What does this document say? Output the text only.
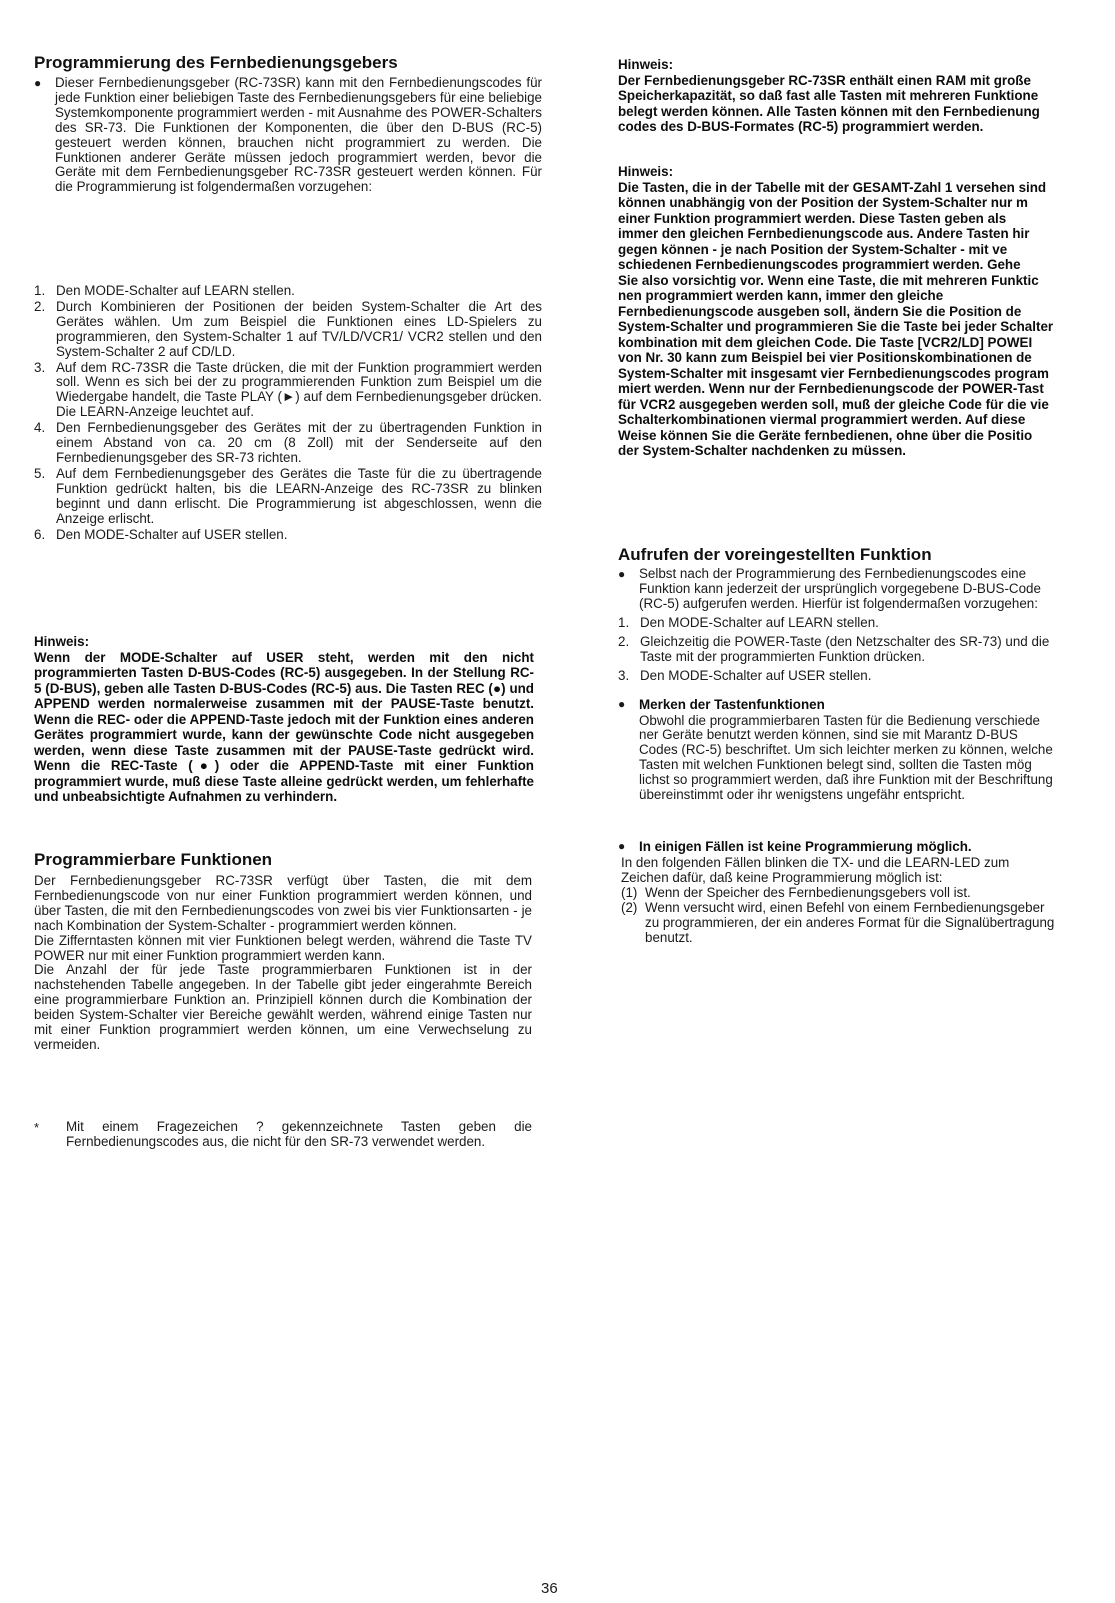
Programmierung des Fernbedienungsgebers

●	Dieser Fernbedienungsgeber (RC-73SR) kann mit den Fernbedienungscodes für jede Funktion einer beliebigen Taste des Fernbedienungsgebers für eine beliebige Systemkomponente programmiert werden - mit Ausnahme des POWER-Schalters des SR-73. Die Funktionen der Komponenten, die über den D-BUS (RC-5) gesteuert werden können, brauchen nicht programmiert zu werden. Die Funktionen anderer Geräte müssen jedoch programmiert werden, bevor die Geräte mit dem Fernbedienungsgeber RC-73SR gesteuert werden können. Für die Programmierung ist folgendermaßen vorzugehen:

1. Den MODE-Schalter auf LEARN stellen.

2. Durch Kombinieren der Positionen der beiden System-Schalter die Art des Gerätes wählen. Um zum Beispiel die Funktionen eines LD-Spielers zu programmieren, den System-Schalter 1 auf TV/LD/VCR1/ VCR2 stellen und den System-Schalter 2 auf CD/LD.

3. Auf dem RC-73SR die Taste drücken, die mit der Funktion programmiert werden soll. Wenn es sich bei der zu programmierenden Funktion zum Beispiel um die Wiedergabe handelt, die Taste PLAY (►) auf dem Fernbedienungsgeber drücken. Die LEARN-Anzeige leuchtet auf.

4. Den Fernbedienungsgeber des Gerätes mit der zu übertragenden Funktion in einem Abstand von ca. 20 cm (8 Zoll) mit der Senderseite auf den Fernbedienungsgeber des SR-73 richten.

5. Auf dem Fernbedienungsgeber des Gerätes die Taste für die zu übertragende Funktion gedrückt halten, bis die LEARN-Anzeige des RC-73SR zu blinken beginnt und dann erlischt. Die Programmierung ist abgeschlossen, wenn die Anzeige erlischt.

6. Den MODE-Schalter auf USER stellen.

Hinweis:

Wenn der MODE-Schalter auf USER steht, werden mit den nicht programmierten Tasten D-BUS-Codes (RC-5) ausgegeben. In der Stellung RC-5 (D-BUS), geben alle Tasten D-BUS-Codes (RC-5) aus. Die Tasten REC (●) und APPEND werden normalerweise zusammen mit der PAUSE-Taste benutzt. Wenn die REC- oder die APPEND-Taste jedoch mit der Funktion eines anderen Gerätes programmiert wurde, kann der gewünschte Code nicht ausgegeben werden, wenn diese Taste zusammen mit der PAUSE-Taste gedrückt wird. Wenn die REC-Taste (●) oder die APPEND-Taste mit einer Funktion programmiert wurde, muß diese Taste alleine gedrückt werden, um fehlerhafte und unbeabsichtigte Aufnahmen zu verhindern.

Programmierbare Funktionen

Der Fernbedienungsgeber RC-73SR verfügt über Tasten, die mit dem Fernbedienungscode von nur einer Funktion programmiert werden können, und über Tasten, die mit den Fernbedienungscodes von zwei bis vier Funktionsarten - je nach Kombination der System-Schalter - programmiert werden können.

Die Zifferntasten können mit vier Funktionen belegt werden, während die Taste TV POWER nur mit einer Funktion programmiert werden kann.

Die Anzahl der für jede Taste programmierbaren Funktionen ist in der nachstehenden Tabelle angegeben. In der Tabelle gibt jeder eingerahmte Bereich eine programmierbare Funktion an. Prinzipiell können durch die Kombination der beiden System-Schalter vier Bereiche gewählt werden, während einige Tasten nur mit einer Funktion programmiert werden können, um eine Verwechselung zu vermeiden.

*	Mit einem Fragezeichen ? gekennzeichnete Tasten geben die Fernbedienungscodes aus, die nicht für den SR-73 verwendet werden.

Hinweis:

Der Fernbedienungsgeber RC-73SR enthält einen RAM mit große

Speicherkapazität, so daß fast alle Tasten mit mehreren Funktione

belegt werden können. Alle Tasten können mit den Fernbedienung

codes des D-BUS-Formates (RC-5) programmiert werden.

Hinweis:

Die Tasten, die in der Tabelle mit der GESAMT-Zahl 1 versehen sind

können unabhängig von der Position der System-Schalter nur m

einer Funktion programmiert werden. Diese Tasten geben als

immer den gleichen Fernbedienungscode aus. Andere Tasten hir

gegen können - je nach Position der System-Schalter - mit ve

schiedenen Fernbedienungscodes programmiert werden. Gehe

Sie also vorsichtig vor. Wenn eine Taste, die mit mehreren Funktic

nen programmiert werden kann, immer den gleiche

Fernbedienungscode ausgeben soll, ändern Sie die Position de

System-Schalter und programmieren Sie die Taste bei jeder Schalter

kombination mit dem gleichen Code. Die Taste [VCR2/LD] POWEI

von Nr. 30 kann zum Beispiel bei vier Positionskombinationen de

System-Schalter mit insgesamt vier Fernbedienungscodes program

miert werden. Wenn nur der Fernbedienungscode der POWER-Tast

für VCR2 ausgegeben werden soll, muß der gleiche Code für die vie

Schalterkombinationen viermal programmiert werden. Auf diese

Weise können Sie die Geräte fernbedienen, ohne über die Positio

der System-Schalter nachdenken zu müssen.

Aufrufen der voreingestellten Funktion

●	Selbst nach der Programmierung des Fernbedienungscodes eine

Funktion kann jederzeit der ursprünglich vorgegebene D-BUS-Code

(RC-5) aufgerufen werden. Hierfür ist folgendermaßen vorzugehen:

1. Den MODE-Schalter auf LEARN stellen.

2. Gleichzeitig die POWER-Taste (den Netzschalter des SR-73) und die

Taste mit der programmierten Funktion drücken.

3. Den MODE-Schalter auf USER stellen.

●	Merken der Tastenfunktionen

Obwohl die programmierbaren Tasten für die Bedienung verschiede

ner Geräte benutzt werden können, sind sie mit Marantz D-BUS

Codes (RC-5) beschriftet. Um sich leichter merken zu können, welche

Tasten mit welchen Funktionen belegt sind, sollten die Tasten mög

lichst so programmiert werden, daß ihre Funktion mit der Beschriftung

übereinstimmt oder ihr wenigstens ungefähr entspricht.

●	In einigen Fällen ist keine Programmierung möglich.

In den folgenden Fällen blinken die TX- und die LEARN-LED zum

Zeichen dafür, daß keine Programmierung möglich ist:

(1) Wenn der Speicher des Fernbedienungsgebers voll ist.

(2) Wenn versucht wird, einen Befehl von einem Fernbedienungsgeber

zu programmieren, der ein anderes Format für die Signalübertragung

benutzt.

36
